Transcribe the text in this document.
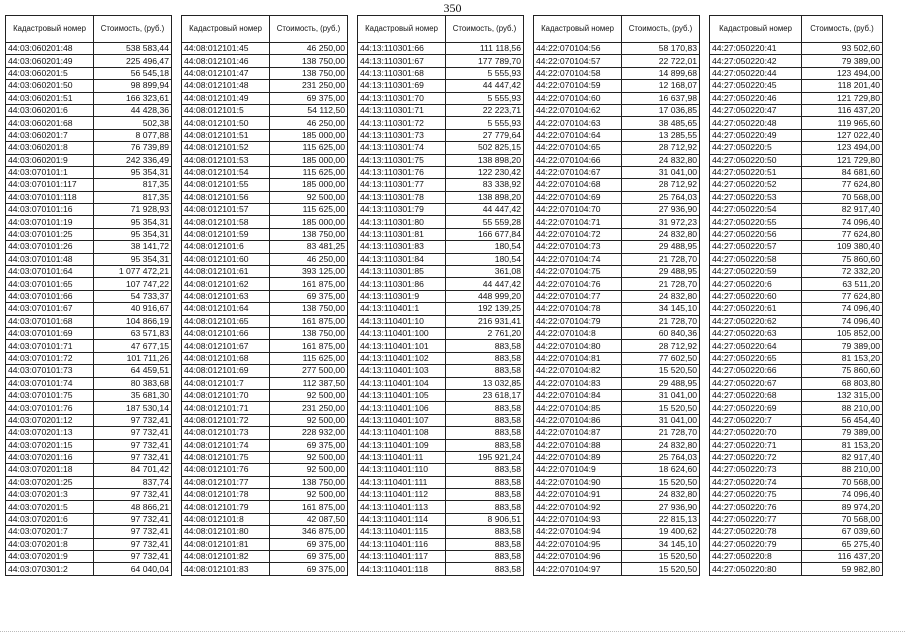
350
Кадастровый номер	Стоимость, (руб.)
44:03:060201:48	538 583,44
44:03:060201:49	225 496,47
44:03:060201:5	56 545,18
44:03:060201:50	98 899,94
44:03:060201:51	166 323,61
44:03:060201:6	44 428,36
44:03:060201:68	502,38
44:03:060201:7	8 077,88
44:03:060201:8	76 739,89
44:03:060201:9	242 336,49
44:03:070101:1	95 354,31
44:03:070101:117	817,35
44:03:070101:118	817,35
44:03:070101:16	71 928,93
44:03:070101:19	95 354,31
44:03:070101:25	95 354,31
44:03:070101:26	38 141,72
44:03:070101:48	95 354,31
44:03:070101:64	1 077 472,21
44:03:070101:65	107 747,22
44:03:070101:66	54 733,37
44:03:070101:67	40 916,67
44:03:070101:68	104 866,19
44:03:070101:69	63 571,83
44:03:070101:71	47 677,15
44:03:070101:72	101 711,26
44:03:070101:73	64 459,51
44:03:070101:74	80 383,68
44:03:070101:75	35 681,30
44:03:070101:76	187 530,14
44:03:070201:12	97 732,41
44:03:070201:13	97 732,41
44:03:070201:15	97 732,41
44:03:070201:16	97 732,41
44:03:070201:18	84 701,42
44:03:070201:25	837,74
44:03:070201:3	97 732,41
44:03:070201:5	48 866,21
44:03:070201:6	97 732,41
44:03:070201:7	97 732,41
44:03:070201:8	97 732,41
44:03:070201:9	97 732,41
44:03:070301:2	64 040,04
Кадастровый номер	Стоимость, (руб.)
44:08:012101:45	46 250,00
44:08:012101:46	138 750,00
44:08:012101:47	138 750,00
44:08:012101:48	231 250,00
44:08:012101:49	69 375,00
44:08:012101:5	54 112,50
44:08:012101:50	46 250,00
44:08:012101:51	185 000,00
44:08:012101:52	115 625,00
44:08:012101:53	185 000,00
44:08:012101:54	115 625,00
44:08:012101:55	185 000,00
44:08:012101:56	92 500,00
44:08:012101:57	115 625,00
44:08:012101:58	185 000,00
44:08:012101:59	138 750,00
44:08:012101:6	83 481,25
44:08:012101:60	46 250,00
44:08:012101:61	393 125,00
44:08:012101:62	161 875,00
44:08:012101:63	69 375,00
44:08:012101:64	138 750,00
44:08:012101:65	161 875,00
44:08:012101:66	138 750,00
44:08:012101:67	161 875,00
44:08:012101:68	115 625,00
44:08:012101:69	277 500,00
44:08:012101:7	112 387,50
44:08:012101:70	92 500,00
44:08:012101:71	231 250,00
44:08:012101:72	92 500,00
44:08:012101:73	228 932,00
44:08:012101:74	69 375,00
44:08:012101:75	92 500,00
44:08:012101:76	92 500,00
44:08:012101:77	138 750,00
44:08:012101:78	92 500,00
44:08:012101:79	161 875,00
44:08:012101:8	42 087,50
44:08:012101:80	346 875,00
44:08:012101:81	69 375,00
44:08:012101:82	69 375,00
44:08:012101:83	69 375,00
Кадастровый номер	Стоимость, (руб.)
44:13:110301:66	111 118,56
44:13:110301:67	177 789,70
44:13:110301:68	5 555,93
44:13:110301:69	44 447,42
44:13:110301:70	5 555,93
44:13:110301:71	22 223,71
44:13:110301:72	5 555,93
44:13:110301:73	27 779,64
44:13:110301:74	502 825,15
44:13:110301:75	138 898,20
44:13:110301:76	122 230,42
44:13:110301:77	83 338,92
44:13:110301:78	138 898,20
44:13:110301:79	44 447,42
44:13:110301:80	55 559,28
44:13:110301:81	166 677,84
44:13:110301:83	180,54
44:13:110301:84	180,54
44:13:110301:85	361,08
44:13:110301:86	44 447,42
44:13:110301:9	448 999,20
44:13:110401:1	192 139,25
44:13:110401:10	216 931,41
44:13:110401:100	2 761,20
44:13:110401:101	883,58
44:13:110401:102	883,58
44:13:110401:103	883,58
44:13:110401:104	13 032,85
44:13:110401:105	23 618,17
44:13:110401:106	883,58
44:13:110401:107	883,58
44:13:110401:108	883,58
44:13:110401:109	883,58
44:13:110401:11	195 921,24
44:13:110401:110	883,58
44:13:110401:111	883,58
44:13:110401:112	883,58
44:13:110401:113	883,58
44:13:110401:114	8 906,51
44:13:110401:115	883,58
44:13:110401:116	883,58
44:13:110401:117	883,58
44:13:110401:118	883,58
Кадастровый номер	Стоимость, (руб.)
44:22:070104:56	58 170,83
44:22:070104:57	22 722,01
44:22:070104:58	14 899,68
44:22:070104:59	12 168,07
44:22:070104:60	16 637,98
44:22:070104:62	17 036,85
44:22:070104:63	38 485,65
44:22:070104:64	13 285,55
44:22:070104:65	28 712,92
44:22:070104:66	24 832,80
44:22:070104:67	31 041,00
44:22:070104:68	28 712,92
44:22:070104:69	25 764,03
44:22:070104:70	27 936,90
44:22:070104:71	31 972,23
44:22:070104:72	24 832,80
44:22:070104:73	29 488,95
44:22:070104:74	21 728,70
44:22:070104:75	29 488,95
44:22:070104:76	21 728,70
44:22:070104:77	24 832,80
44:22:070104:78	34 145,10
44:22:070104:79	21 728,70
44:22:070104:8	60 840,36
44:22:070104:80	28 712,92
44:22:070104:81	77 602,50
44:22:070104:82	15 520,50
44:22:070104:83	29 488,95
44:22:070104:84	31 041,00
44:22:070104:85	15 520,50
44:22:070104:86	31 041,00
44:22:070104:87	21 728,70
44:22:070104:88	24 832,80
44:22:070104:89	25 764,03
44:22:070104:9	18 624,60
44:22:070104:90	15 520,50
44:22:070104:91	24 832,80
44:22:070104:92	27 936,90
44:22:070104:93	22 815,13
44:22:070104:94	19 400,62
44:22:070104:95	34 145,10
44:22:070104:96	15 520,50
44:22:070104:97	15 520,50
Кадастровый номер	Стоимость, (руб.)
44:27:050220:41	93 502,60
44:27:050220:42	79 389,00
44:27:050220:44	123 494,00
44:27:050220:45	118 201,40
44:27:050220:46	121 729,80
44:27:050220:47	116 437,20
44:27:050220:48	119 965,60
44:27:050220:49	127 022,40
44:27:050220:5	123 494,00
44:27:050220:50	121 729,80
44:27:050220:51	84 681,60
44:27:050220:52	77 624,80
44:27:050220:53	70 568,00
44:27:050220:54	82 917,40
44:27:050220:55	74 096,40
44:27:050220:56	77 624,80
44:27:050220:57	109 380,40
44:27:050220:58	75 860,60
44:27:050220:59	72 332,20
44:27:050220:6	63 511,20
44:27:050220:60	77 624,80
44:27:050220:61	74 096,40
44:27:050220:62	74 096,40
44:27:050220:63	105 852,00
44:27:050220:64	79 389,00
44:27:050220:65	81 153,20
44:27:050220:66	75 860,60
44:27:050220:67	68 803,80
44:27:050220:68	132 315,00
44:27:050220:69	88 210,00
44:27:050220:7	56 454,40
44:27:050220:70	79 389,00
44:27:050220:71	81 153,20
44:27:050220:72	82 917,40
44:27:050220:73	88 210,00
44:27:050220:74	70 568,00
44:27:050220:75	74 096,40
44:27:050220:76	89 974,20
44:27:050220:77	70 568,00
44:27:050220:78	67 039,60
44:27:050220:79	65 275,40
44:27:050220:8	116 437,20
44:27:050220:80	59 982,80
